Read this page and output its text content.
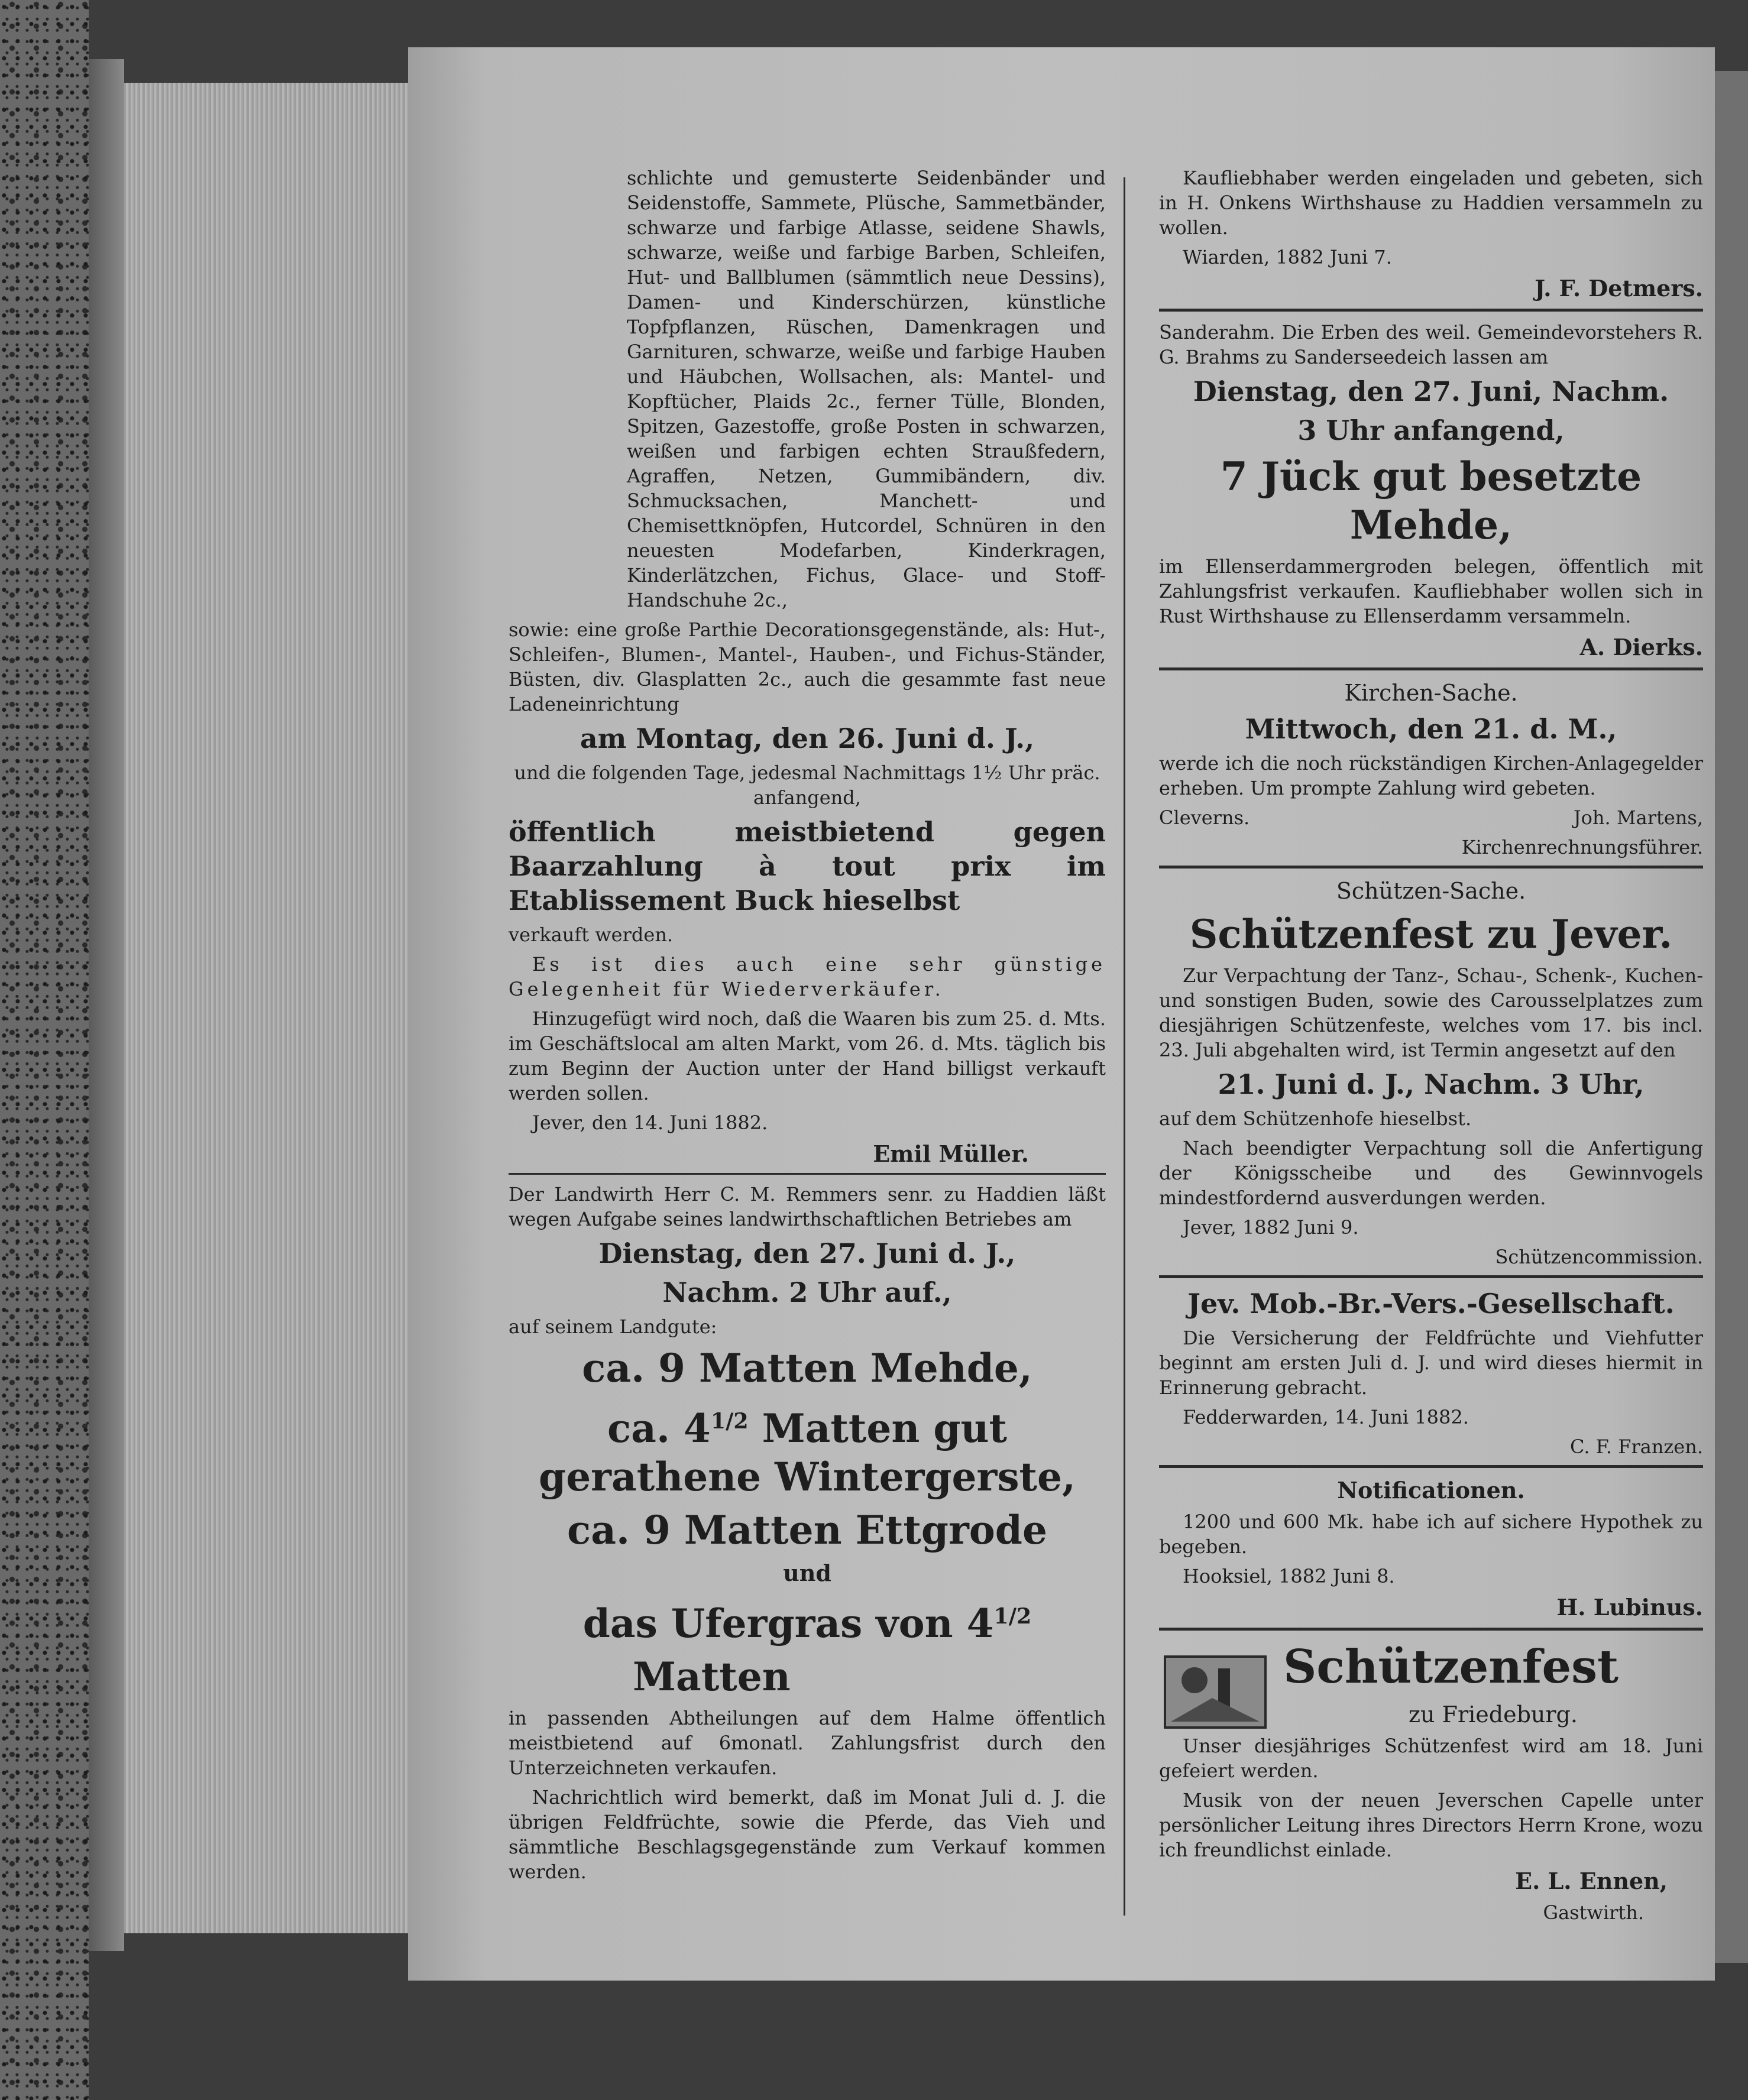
schlichte und gemusterte Seidenbänder und Seidenstoffe, Sammete, Plüsche, Sammetbänder, schwarze und farbige Atlasse, seidene Shawls, schwarze, weiße und farbige Barben, Schleifen, Hut- und Ballblumen (sämmtlich neue Dessins), Damen- und Kinderschürzen, künstliche Topfpflanzen, Rüschen, Damenkragen und Garnituren, schwarze, weiße und farbige Hauben und Häubchen, Wollsachen, als: Mantel- und Kopftücher, Plaids 2c., ferner Tülle, Blonden, Spitzen, Gazestoffe, große Posten in schwarzen, weißen und farbigen echten Straußfedern, Agraffen, Netzen, Gummibändern, div. Schmucksachen, Manchett- und Chemisettknöpfen, Hutcordel, Schnüren in den neuesten Modefarben, Kinderkragen, Kinderlätzchen, Fichus, Glace- und Stoff-Handschuhe 2c.,

sowie: eine große Parthie Decorationsgegenstände, als: Hut-, Schleifen-, Blumen-, Mantel-, Hauben-, und Fichus-Ständer, Büsten, div. Glasplatten 2c., auch die gesammte fast neue Ladeneinrichtung

am Montag, den 26. Juni d. J.,

und die folgenden Tage, jedesmal Nachmittags 1½ Uhr präc. anfangend,

öffentlich meistbietend gegen Baarzahlung à tout prix im Etablissement Buck hieselbst

verkauft werden.

Es ist dies auch eine sehr günstige Gelegenheit für Wiederverkäufer.

Hinzugefügt wird noch, daß die Waaren bis zum 25. d. Mts. im Geschäftslocal am alten Markt, vom 26. d. Mts. täglich bis zum Beginn der Auction unter der Hand billigst verkauft werden sollen.

Jever, den 14. Juni 1882.

Emil Müller.

Der Landwirth Herr C. M. Remmers senr. zu Haddien läßt wegen Aufgabe seines landwirthschaftlichen Betriebes am

Dienstag, den 27. Juni d. J.,

Nachm. 2 Uhr auf.,

auf seinem Landgute:

ca. 9 Matten Mehde,

ca. $4^{1/2}$ Matten gut gerathene Wintergerste,

ca. 9 Matten Ettgrode

und

das Ufergras von $4^{1/2}$

Matten

in passenden Abtheilungen auf dem Halme öffentlich meistbietend auf 6monatl. Zahlungsfrist durch den Unterzeichneten verkaufen.

Nachrichtlich wird bemerkt, daß im Monat Juli d. J. die übrigen Feldfrüchte, sowie die Pferde, das Vieh und sämmtliche Beschlagsgegenstände zum Verkauf kommen werden.

Kaufliebhaber werden eingeladen und gebeten, sich in H. Onkens Wirthshause zu Haddien versammeln zu wollen.

Wiarden, 1882 Juni 7.

J. F. Detmers.

Sanderahm. Die Erben des weil. Gemeindevorstehers R. G. Brahms zu Sanderseedeich lassen am

Dienstag, den 27. Juni, Nachm.

3 Uhr anfangend,

7 Jück gut besetzte Mehde,

im Ellenserdammergroden belegen, öffentlich mit Zahlungsfrist verkaufen. Kaufliebhaber wollen sich in Rust Wirthshause zu Ellenserdamm versammeln.

A. Dierks.

Kirchen-Sache.

Mittwoch, den 21. d. M.,

werde ich die noch rückständigen Kirchen-Anlagegelder erheben. Um prompte Zahlung wird gebeten.

Cleverns.	Joh. Martens,

Kirchenrechnungsführer.

Schützen-Sache.

Schützenfest zu Jever.

Zur Verpachtung der Tanz-, Schau-, Schenk-, Kuchen- und sonstigen Buden, sowie des Carousselplatzes zum diesjährigen Schützenfeste, welches vom 17. bis incl. 23. Juli abgehalten wird, ist Termin angesetzt auf den

21. Juni d. J., Nachm. 3 Uhr,

auf dem Schützenhofe hieselbst.

Nach beendigter Verpachtung soll die Anfertigung der Königsscheibe und des Gewinnvogels mindestfordernd ausverdungen werden.

Jever, 1882 Juni 9.

Schützencommission.

Jev. Mob.-Br.-Vers.-Gesellschaft.

Die Versicherung der Feldfrüchte und Viehfutter beginnt am ersten Juli d. J. und wird dieses hiermit in Erinnerung gebracht.

Fedderwarden, 14. Juni 1882.

C. F. Franzen.

Notificationen.

1200 und 600 Mk. habe ich auf sichere Hypothek zu begeben.

Hooksiel, 1882 Juni 8.

H. Lubinus.

Schützenfest

zu Friedeburg.

Unser diesjähriges Schützenfest wird am 18. Juni gefeiert werden.

Musik von der neuen Jeverschen Capelle unter persönlicher Leitung ihres Directors Herrn Krone, wozu ich freundlichst einlade.

E. L. Ennen,

Gastwirth.
